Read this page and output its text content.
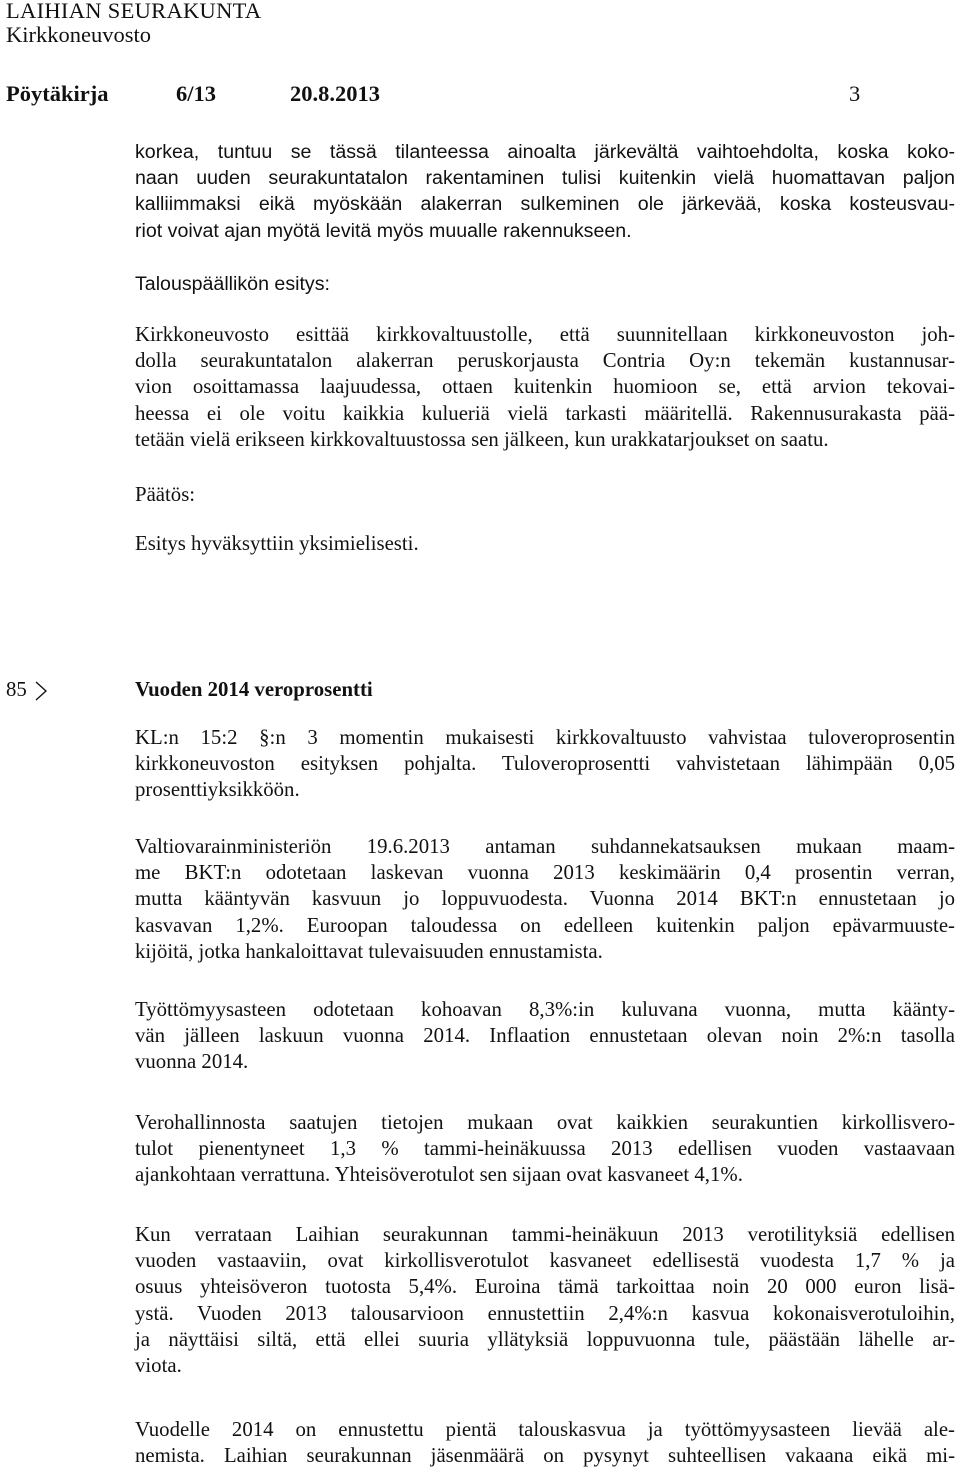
LAIHIAN SEURAKUNTA
Kirkkoneuvosto
Pöytäkirja	6/13	20.8.2013	3
korkea, tuntuu se tässä tilanteessa ainoalta järkevältä vaihtoehdolta, koska koko-
naan uuden seurakuntatalon rakentaminen tulisi kuitenkin vielä huomattavan paljon
kalliimmaksi eikä myöskään alakerran sulkeminen ole järkevää, koska kosteusvau-
riot voivat ajan myötä levitä myös muualle rakennukseen.
Talouspäällikön esitys:
Kirkkoneuvosto esittää kirkkovaltuustolle, että suunnitellaan kirkkoneuvoston joh-
dolla seurakuntatalon alakerran peruskorjausta Contria Oy:n tekemän kustannusar-
vion osoittamassa laajuudessa, ottaen kuitenkin huomioon se, että arvion tekovai-
heessa ei ole voitu kaikkia kulueriä vielä tarkasti määritellä. Rakennusurakasta pää-
tetään vielä erikseen kirkkovaltuustossa sen jälkeen, kun urakkatarjoukset on saatu.
Päätös:
Esitys hyväksyttiin yksimielisesti.
85	Vuoden 2014 veroprosentti
KL:n 15:2 §:n 3 momentin mukaisesti kirkkovaltuusto vahvistaa tuloveroprosentin
kirkkoneuvoston esityksen pohjalta. Tuloveroprosentti vahvistetaan lähimpään 0,05
prosenttiyksikköön.
Valtiovarainministeriön 19.6.2013 antaman suhdannekatsauksen mukaan maam-
me BKT:n odotetaan laskevan vuonna 2013 keskimäärin 0,4 prosentin verran,
mutta kääntyvän kasvuun jo loppuvuodesta. Vuonna 2014 BKT:n ennustetaan jo
kasvavan 1,2%. Euroopan taloudessa on edelleen kuitenkin paljon epävarmuuste-
kijöitä, jotka hankaloittavat tulevaisuuden ennustamista.
Työttömyysasteen odotetaan kohoavan 8,3%:in kuluvana vuonna, mutta käänty-
vän jälleen laskuun vuonna 2014. Inflaation ennustetaan olevan noin 2%:n tasolla
vuonna 2014.
Verohallinnosta saatujen tietojen mukaan ovat kaikkien seurakuntien kirkollisvero-
tulot pienentyneet 1,3 % tammi-heinäkuussa 2013 edellisen vuoden vastaavaan
ajankohtaan verrattuna. Yhteisöverotulot sen sijaan ovat kasvaneet 4,1%.
Kun verrataan Laihian seurakunnan tammi-heinäkuun 2013 verotilityksiä edellisen
vuoden vastaaviin, ovat kirkollisverotulot kasvaneet edellisestä vuodesta 1,7 % ja
osuus yhteisöveron tuotosta 5,4%. Euroina tämä tarkoittaa noin 20 000 euron lisä-
ystä. Vuoden 2013 talousarvioon ennustettiin 2,4%:n kasvua kokonaisverotuloihin,
ja näyttäisi siltä, että ellei suuria yllätyksiä loppuvuonna tule, päästään lähelle ar-
viota.
Vuodelle 2014 on ennustettu pientä talouskasvua ja työttömyysasteen lievää ale-
nemista. Laihian seurakunnan jäsenmäärä on pysynyt suhteellisen vakaana eikä mi-
